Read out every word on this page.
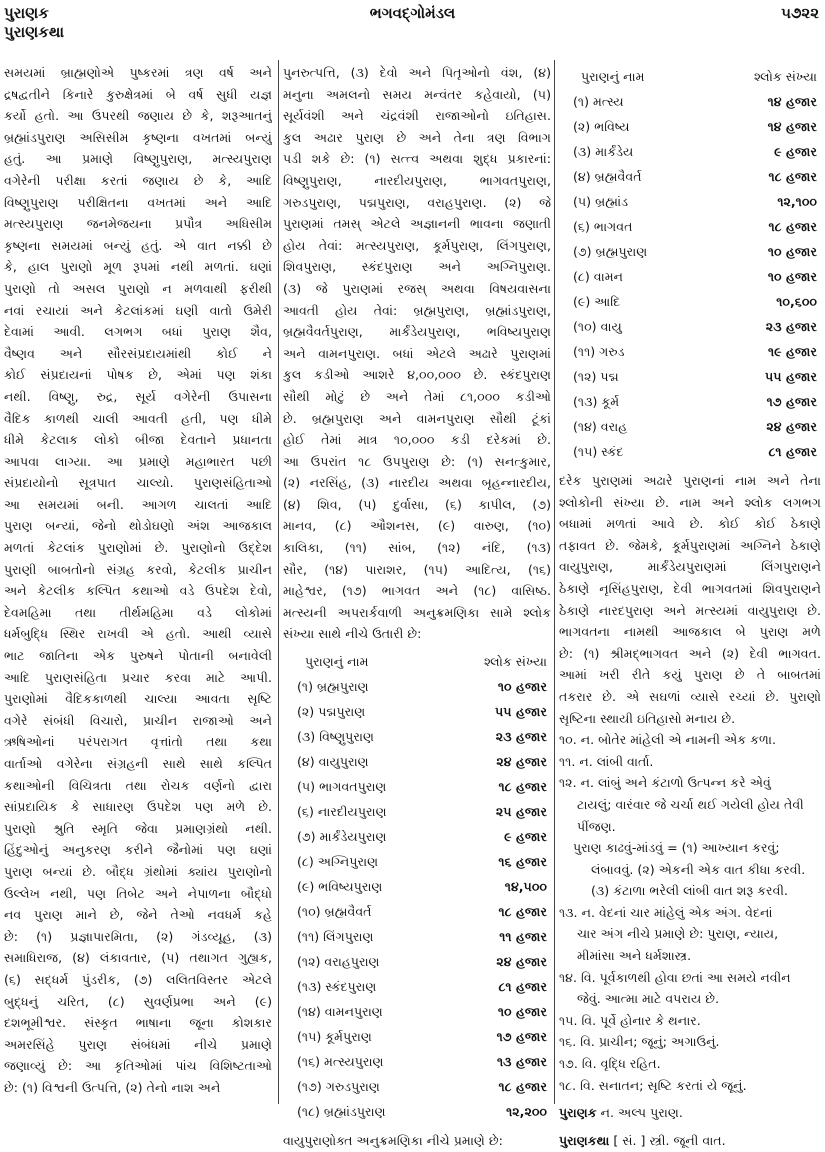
પુરાણક
પુરાણકથા
ભગવદ્ગોમંડલ	૫૭૨૨
સમયમાં બ્રાહ્મણોએ પુષ્કરમાં ત્રણ વર્ષ અને
દ્રષદ્વતીને કિનારે કુરુક્ષેત્રમાં બે વર્ષ સુધી યજ્ઞ
કર્યો હતો. આ ઉપરથી જણાય છે કે, શરૂઆતનું
બ્રહ્માંડપુરાણ અસિસીમ કૃષ્ણના વખતમાં બન્યું
હતું. આ પ્રમાણે વિષ્ણુપુરાણ, મત્સ્યપુરાણ
વગેરેની પરીક્ષા કરતાં જણાય છે કે, આદિ
વિષ્ણુપુરાણ પરીક્ષિતના વખતમાં અને આદિ
મત્સ્યપુરાણ જનમેજયના પ્રપૌત્ર અધિસીમ
કૃષ્ણના સમયમાં બન્યું હતું. એ વાત નક્કી છે
કે, હાલ પુરાણો મૂળ રૂપમાં નથી મળતાં. ઘણાં
પુરાણો તો અસલ પુરાણો ન મળવાથી ફરીથી
નવાં રચાયાં અને કેટલાંકમાં ઘણી વાતો ઉમેરી
દેવામાં આવી. લગભગ બધાં પુરાણ શૈવ,
વૈષ્ણવ અને સૌરસંપ્રદાયમાંથી કોઈ ને
કોઈ સંપ્રદાયનાં પોષક છે, એમાં પણ શંકા
નથી. વિષ્ણુ, રુદ્ર, સૂર્ય વગેરેની ઉપાસના
વૈદિક કાળથી ચાલી આવતી હતી, પણ ધીમે
ધીમે કેટલાક લોકો બીજા દેવતાને પ્રધાનતા
આપવા લાગ્યા. આ પ્રમાણે મહાભારત પછી
સંપ્રદાયોનો સૂત્રપાત ચાલ્યો. પુરાણસંહિતાઓ
આ સમયમાં બની. આગળ ચાલતાં આદિ
પુરાણ બન્યાં, જેનો થોડોઘણો અંશ આજકાલ
મળતાં કેટલાંક પુરાણોમાં છે. પુરાણોનો ઉદ્દેશ
પુરાણી બાબતોનો સંગ્રહ કરવો, કેટલીક પ્રાચીન
અને કેટલીક કલ્પિત કથાઓ વડે ઉપદેશ દેવો,
દેવમહિમા તથા તીર્થમહિમા વડે લોકોમાં
ધર્મબુદ્ધિ સ્થિર રાખવી એ હતો. આથી વ્યાસે
ભાટ જાતિના એક પુરુષને પોતાની બનાવેલી
આદિ પુરાણસંહિતા પ્રચાર કરવા માટે આપી.
પુરાણોમાં વૈદિકકાળથી ચાલ્યા આવતા સૃષ્ટિ
વગેરે સંબંધી વિચારો, પ્રાચીન રાજાઓ અને
ઋષિઓનાં પરંપરાગત વૃત્તાંતો તથા કથા
વાર્તાઓ વગેરેના સંગ્રહની સાથે સાથે કલ્પિત
કથાઓની વિચિત્રતા તથા રોચક વર્ણનો દ્વારા
સાંપ્રદાયિક કે સાધારણ ઉપદેશ પણ મળે છે.
પુરાણો શ્રુતિ સ્મૃતિ જેવા પ્રમાણગ્રંથો નથી.
હિંદુઓનું અનુકરણ કરીને જૈનોમાં પણ ઘણાં
પુરાણ બન્યાં છે. બૌદ્ધ ગ્રંથોમાં ક્યાંય પુરાણોનો
ઉલ્લેખ નથી, પણ તિબેટ અને નેપાળના બૌદ્ધો
નવ પુરાણ માને છે, જેને તેઓ નવધર્મ કહે
છે: (૧) પ્રજ્ઞાપારમિતા, (૨) ગંડવ્યૂહ, (૩)
સમાધિરાજ, (૪) લંકાવતાર, (૫) તથાગત ગુહ્યક,
(૬) સદ્ધર્મ પુંડરીક, (૭) લલિતવિસ્તર એટલે
બુદ્ધનું ચરિત, (૮) સુવર્ણપ્રભા અને (૯)
દશભૂમીશ્વર. સંસ્કૃત ભાષાના જૂના કોશકાર
અમરસિંહે પુરાણ સંબંધમાં નીચે પ્રમાણે
જણાવ્યું છે: આ કૃતિઓમાં પાંચ વિશિષ્ટતાઓ
છે: (૧) વિશ્વની ઉત્પત્તિ, (૨) તેનો નાશ અને
પુનરુત્પત્તિ, (૩) દેવો અને પિતૃઓનો વંશ, (૪)
મનુના અમલનો સમય મન્વંતર કહેવાયો, (૫)
સૂર્યવંશી અને ચંદ્રવંશી રાજાઓનો ઇતિહાસ.
કુલ અઢાર પુરાણ છે અને તેના ત્રણ વિભાગ
પડી શકે છે: (૧) સત્ત્વ અથવા શુદ્ધ પ્રકારનાં:
વિષ્ણુપુરાણ, નારદીયપુરાણ, ભાગવતપુરાણ,
ગરુડપુરાણ, પદ્મપુરાણ, વરાહપુરાણ. (૨) જે
પુરાણમાં તમસ્ એટલે અજ્ઞાનની ભાવના જણાતી
હોય તેવાં: મત્સ્યપુરાણ, કૂર્મપુરાણ, લિંગપુરાણ,
શિવપુરાણ, સ્કંદપુરાણ અને અગ્નિપુરાણ.
(૩) જે પુરાણમાં રજસ્ અથવા વિષયવાસના
આવતી હોય તેવાં: બ્રહ્મપુરાણ, બ્રહ્માંડપુરાણ,
બ્રહ્મવૈવર્તપુરાણ, માર્કંડેયપુરાણ, ભવિષ્યપુરાણ
અને વામનપુરાણ. બધાં એટલે અઢારે પુરાણમાં
કુલ કડીઓ આશરે ૪,૦૦,૦૦૦ છે. સ્કંદપુરાણ
સૌથી મોટું છે અને તેમાં ૮૧,૦૦૦ કડીઓ
છે. બ્રહ્મપુરાણ અને વામનપુરાણ સૌથી ટૂંકાં
હોઈ તેમાં માત્ર ૧૦,૦૦૦ કડી દરેકમાં છે.
આ ઉપરાંત ૧૮ ઉપપુરાણ છે: (૧) સનત્કુમાર,
(૨) નરસિંહ, (૩) નારદીય અથવા બૃહન્નારદીય,
(૪) શિવ, (૫) દુર્વાસા, (૬) કાપીલ, (૭)
માનવ, (૮) ઔશનસ, (૯) વારુણ, (૧૦)
કાલિકા, (૧૧) સાંબ, (૧૨) નંદિ, (૧૩)
સૌર, (૧૪) પારાશર, (૧૫) આદિત્ય, (૧૬)
માહેશ્વર, (૧૭) ભાગવત અને (૧૮) વાસિષ્ઠ.
મત્સ્યની અપરાર્કવાળી અનુક્રમણિકા સામે શ્લોક
સંખ્યા સાથે નીચે ઉતારી છે:
પુરાણનું નામ	શ્લોક સંખ્યા
(૧) બ્રહ્મપુરાણ	૧૦ હજાર
(૨) પદ્મપુરાણ	૫૫ હજાર
(૩) વિષ્ણુપુરાણ	૨૩ હજાર
(૪) વાયુપુરાણ	૨૪ હજાર
(૫) ભાગવતપુરાણ	૧૮ હજાર
(૬) નારદીયપુરાણ	૨૫ હજાર
(૭) માર્કંડેયપુરાણ	૯ હજાર
(૮) અગ્નિપુરાણ	૧૬ હજાર
(૯) ભવિષ્યપુરાણ	૧૪,૫૦૦
(૧૦) બ્રહ્મવૈવર્ત	૧૮ હજાર
(૧૧) લિંગપુરાણ	૧૧ હજાર
(૧૨) વરાહપુરાણ	૨૪ હજાર
(૧૩) સ્કંદપુરાણ	૮૧ હજાર
(૧૪) વામનપુરાણ	૧૦ હજાર
(૧૫) કૂર્મપુરાણ	૧૭ હજાર
(૧૬) મત્સ્યપુરાણ	૧૩ હજાર
(૧૭) ગરુડપુરાણ	૧૮ હજાર
(૧૮) બ્રહ્માંડપુરાણ	૧૨,૨૦૦
વાયુપુરાણોક્ત અનુક્રમણિકા નીચે પ્રમાણે છે:
પુરાણનું નામ	શ્લોક સંખ્યા
(૧) મત્સ્ય	૧૪ હજાર
(૨) ભવિષ્ય	૧૪ હજાર
(૩) માર્કંડેય	૯ હજાર
(૪) બ્રહ્મવૈવર્ત	૧૮ હજાર
(૫) બ્રહ્માંડ	૧૨,૧૦૦
(૬) ભાગવત	૧૮ હજાર
(૭) બ્રહ્મપુરાણ	૧૦ હજાર
(૮) વામન	૧૦ હજાર
(૯) આદિ	૧૦,૬૦૦
(૧૦) વાયુ	૨૩ હજાર
(૧૧) ગરુડ	૧૯ હજાર
(૧૨) પદ્મ	૫૫ હજાર
(૧૩) કૂર્મ	૧૭ હજાર
(૧૪) વરાહ	૨૪ હજાર
(૧૫) સ્કંદ	૮૧ હજાર
દરેક પુરાણમાં અઢારે પુરાણનાં નામ અને તેના
શ્લોકોની સંખ્યા છે. નામ અને શ્લોક લગભગ
બધામાં મળતાં આવે છે. કોઈ કોઈ ઠેકાણે
તફાવત છે. જેમકે, કૂર્મપુરાણમાં અગ્નિને ઠેકાણે
વાયુપુરાણ, માર્કંડેયપુરાણમાં લિંગપુરાણને
ઠેકાણે નૃસિંહપુરાણ, દેવી ભાગવતમાં શિવપુરાણને
ઠેકાણે નારદપુરાણ અને મત્સ્યમાં વાયુપુરાણ છે.
ભાગવતના નામથી આજકાલ બે પુરાણ મળે
છે: (૧) શ્રીમદ્ભાગવત અને (૨) દેવી ભાગવત.
આમાં ખરી રીતે કયું પુરાણ છે તે બાબતમાં
તકરાર છે. એ સઘળાં વ્યાસે રચ્યાં છે. પુરાણો
સૃષ્ટિના સ્થાયી ઇતિહાસો મનાય છે.
૧૦. ન. બોતેર માંહેલી એ નામની એક કળા.
૧૧. ન. લાંબી વાર્તા.
૧૨. ન. લાંબું અને કંટાળો ઉત્પન્ન કરે એવું
ટાયલું; વારંવાર જે ચર્ચા થઈ ગયેલી હોય તેવી
પીંજણ.
પુરાણ કાઢવું-માંડવું = (૧) આખ્યાન કરવું;
લંબાવવું. (૨) એકની એક વાત કીધા કરવી.
(૩) કંટાળા ભરેલી લાંબી વાત શરૂ કરવી.
૧૩. ન. વેદનાં ચાર માંહેલું એક અંગ. વેદનાં
ચાર અંગ નીચે પ્રમાણે છે: પુરાણ, ન્યાય,
મીમાંસા અને ધર્મશાસ્ત્ર.
૧૪. વિ. પૂર્વકાળથી હોવા છતાં આ સમયે નવીન
જેવું. આત્મા માટે વપરાય છે.
૧૫. વિ. પૂર્વે હોનાર કે થનાર.
૧૬. વિ. પ્રાચીન; જૂનું; અગાઉનું.
૧૭. વિ. વૃદ્ધિ રહિત.
૧૮. વિ. સનાતન; સૃષ્ટિ કરતાં યે જૂનું.
પુરાણક ન. અલ્પ પુરાણ.
પુરાણકથા [ સં. ] સ્ત્રી. જૂની વાત.
